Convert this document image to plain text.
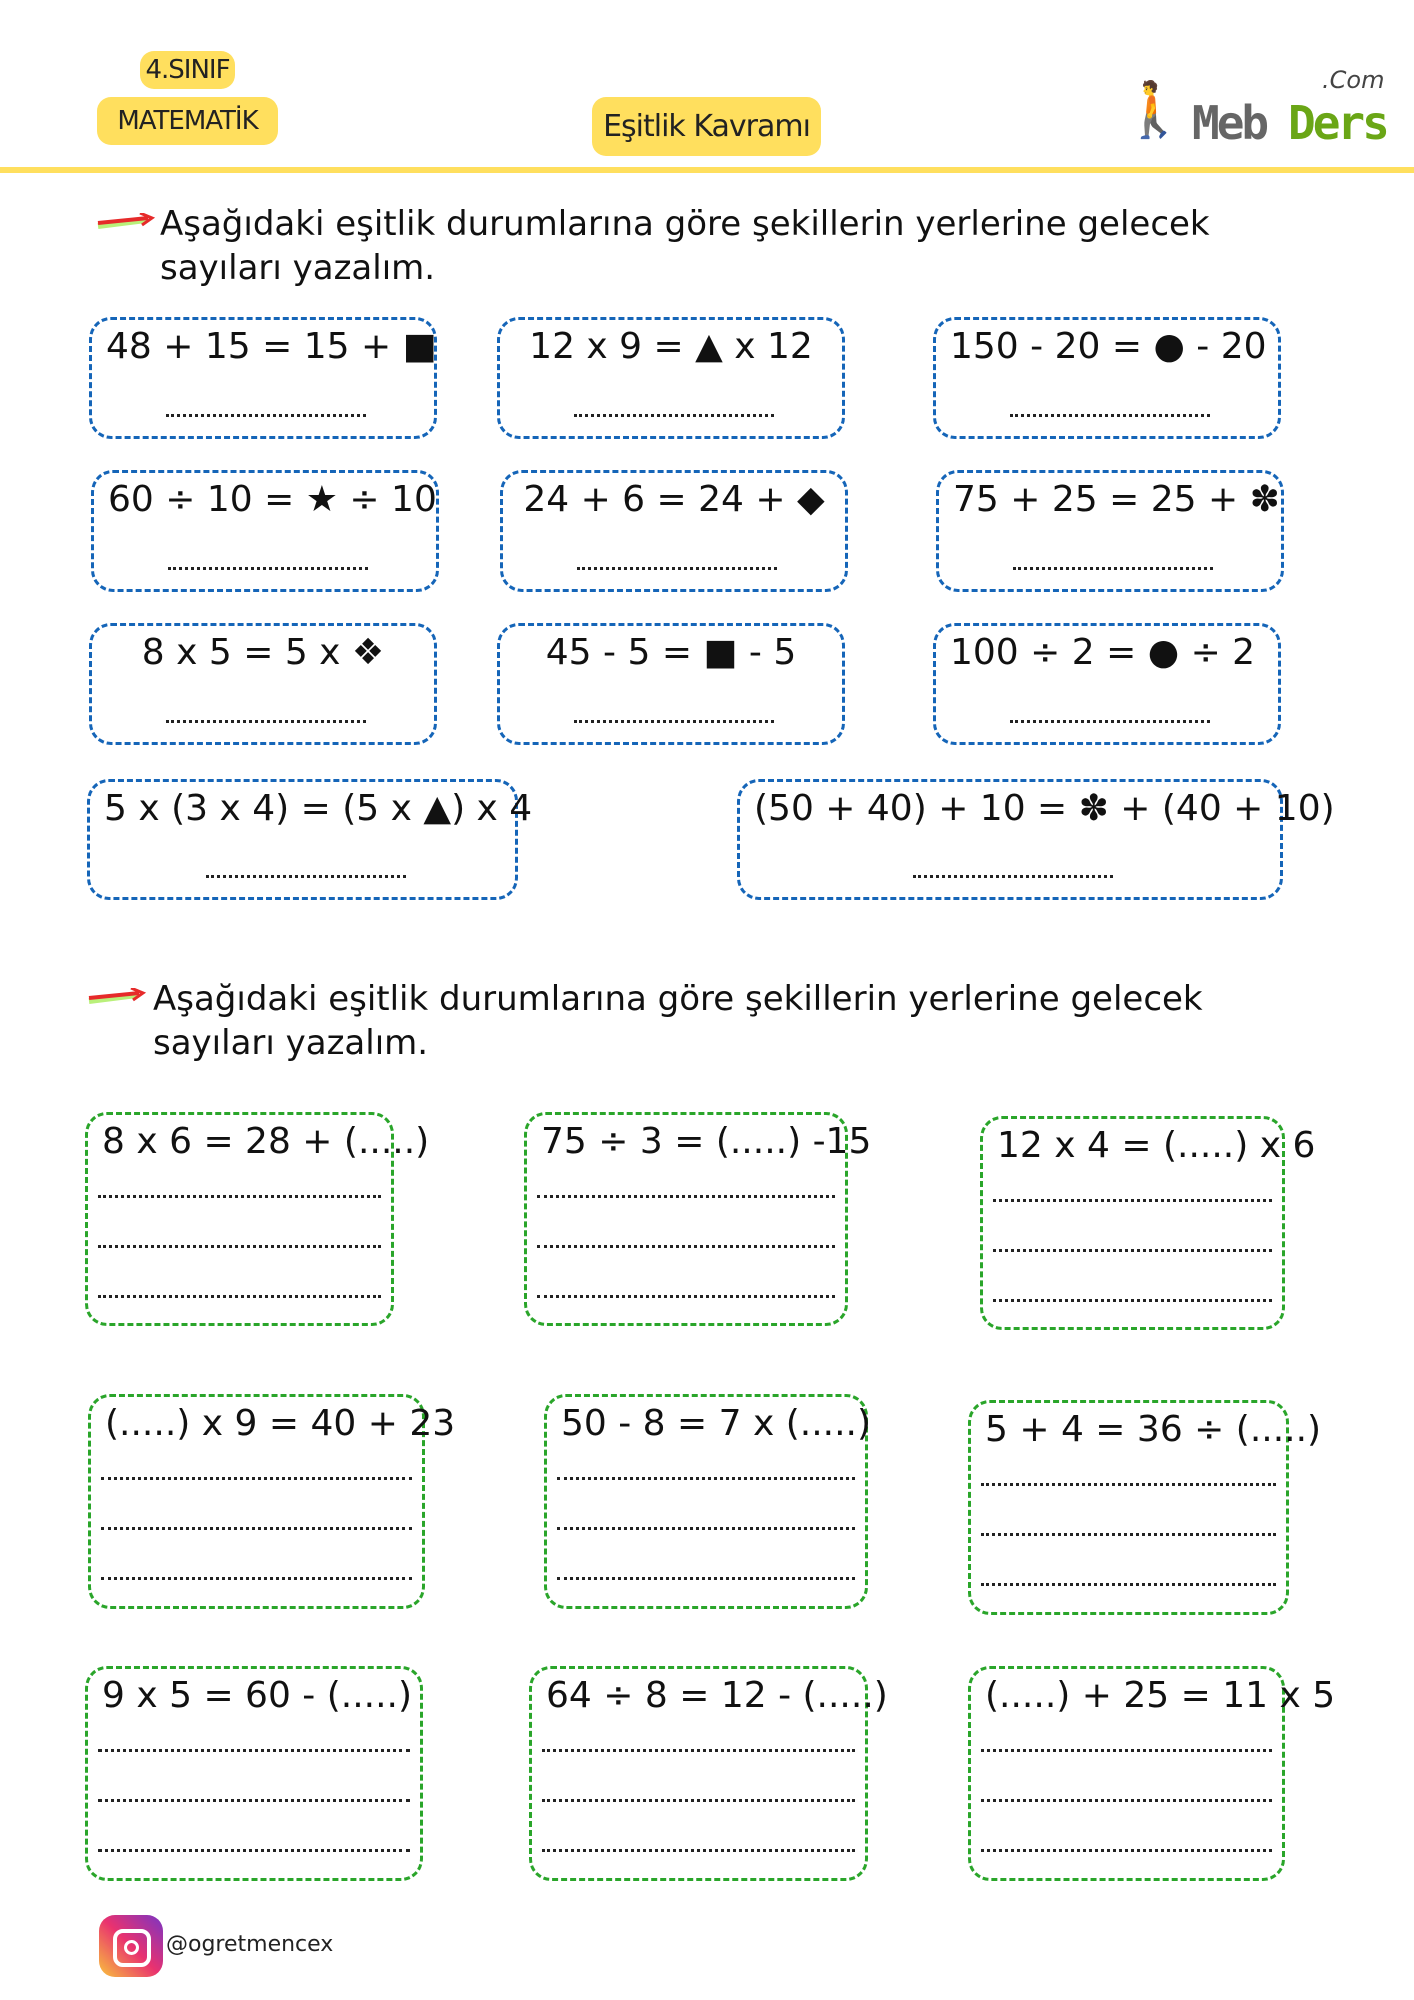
4.SINIF
MATEMATİK	Eşitlik Kavramı	🚶 Meb Ders
.Com
Aşağıdaki eşitlik durumlarına göre şekillerin yerlerine gelecek
sayıları yazalım.
48 + 15 = 15 + ■	12 x 9 = ▲ x 12	150 - 20 = ● - 20
60 ÷ 10 = ★ ÷ 10	24 + 6 = 24 + ◆	75 + 25 = 25 + ✽
8 x 5 = 5 x ❖	45 - 5 = ■ - 5	100 ÷ 2 = ● ÷ 2
5 x (3 x 4) = (5 x ▲) x 4	(50 + 40) + 10 = ✽ + (40 + 10)
Aşağıdaki eşitlik durumlarına göre şekillerin yerlerine gelecek
sayıları yazalım.
8 x 6 = 28 + (.....)	75 ÷ 3 = (.....) -15	12 x 4 = (.....) x 6
(.....) x 9 = 40 + 23	50 - 8 = 7 x (.....)	5 + 4 = 36 ÷ (.....)
9 x 5 = 60 - (.....)	64 ÷ 8 = 12 - (.....)	(.....) + 25 = 11 x 5
@ogretmencex
